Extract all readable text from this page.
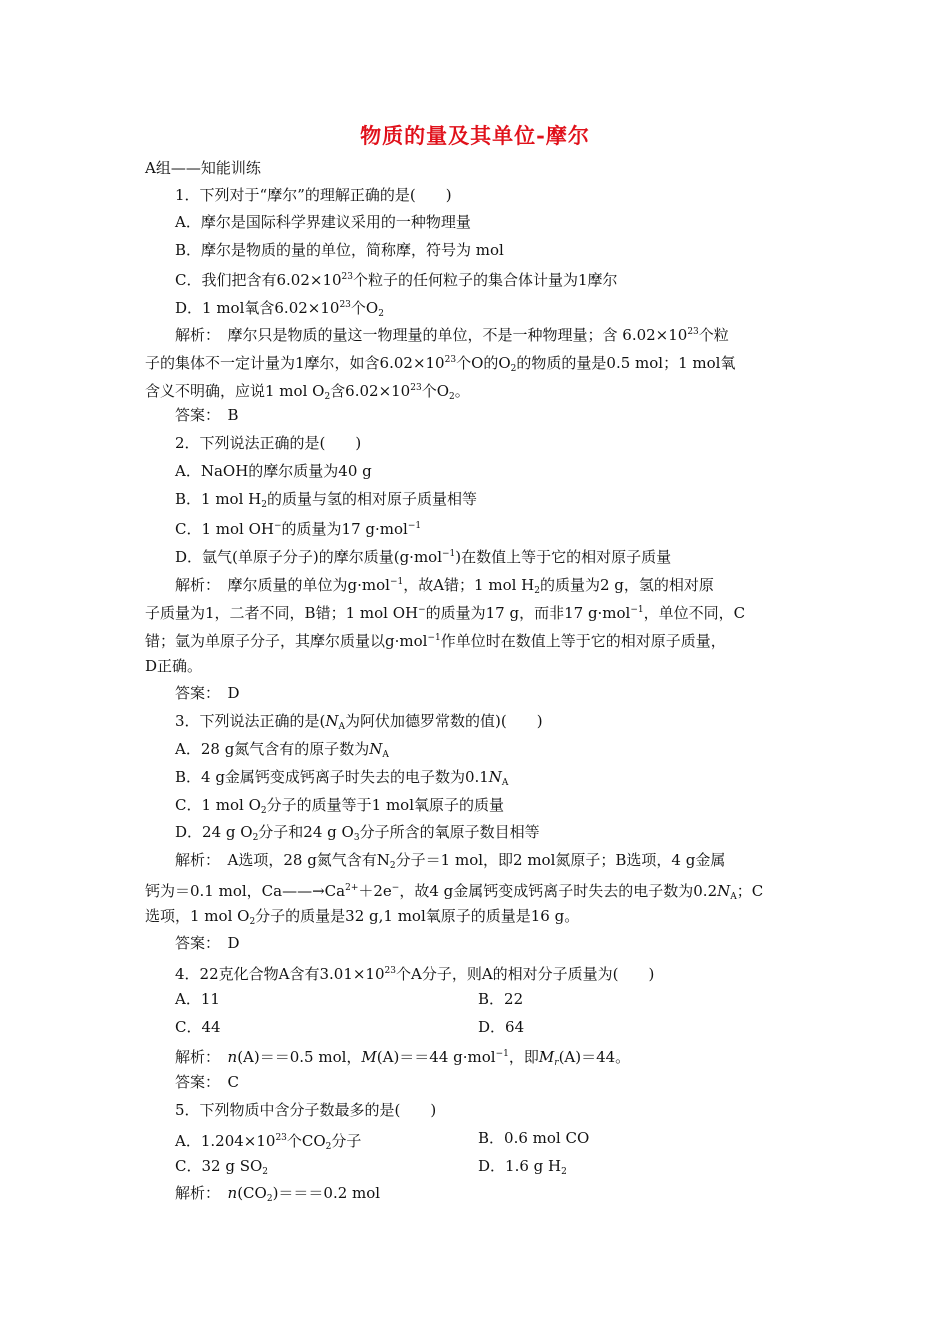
物质的量及其单位-摩尔
A组——知能训练
1．下列对于“摩尔”的理解正确的是(　　)
A．摩尔是国际科学界建议采用的一种物理量
B．摩尔是物质的量的单位，简称摩，符号为 mol
C．我们把含有$6.02\times 10^{23}$个粒子的任何粒子的集合体计量为1摩尔
D．1 mol氧含$6.02\times 10^{23}$个$O_2$
解析：　摩尔只是物质的量这一物理量的单位，不是一种物理量；含 $6.02\times 10^{23}$个粒
子的集体不一定计量为1摩尔，如含$6.02\times 10^{23}$个O的$O_2$的物质的量是0.5 mol；1 mol氧
含义不明确，应说1 mol $O_2$含$6.02\times 10^{23}$个$O_2$。
答案：　B
2．下列说法正确的是(　　)
A．NaOH的摩尔质量为40 g
B．1 mol $H_2$的质量与氢的相对原子质量相等
C．1 mol OH−的质量为17 g·mol$^{-1}$
D．氩气(单原子分子)的摩尔质量(g·mol$^{-1}$)在数值上等于它的相对原子质量
解析：　摩尔质量的单位为g·mol$^{-1}$，故A错；1 mol $H_2$的质量为2 g，氢的相对原
子质量为1，二者不同，B错；1 mol OH−的质量为17 g，而非17 g·mol$^{-1}$，单位不同，C
错；氩为单原子分子，其摩尔质量以g·mol$^{-1}$作单位时在数值上等于它的相对原子质量，
D正确。
答案：　D
3．下列说法正确的是($N_A$为阿伏加德罗常数的值)(　　)
A．28 g氮气含有的原子数为$N_A$
B．4 g金属钙变成钙离子时失去的电子数为$0.1N_A$
C．1 mol $O_2$分子的质量等于1 mol氧原子的质量
D．24 g $O_2$分子和24 g $O_3$分子所含的氧原子数目相等
解析：　A选项，28 g氮气含有$N_2$分子＝1 mol，即2 mol氮原子；B选项，4 g金属
钙为＝0.1 mol，$Ca——\to Ca^{2+}+2e^-$，故4 g金属钙变成钙离子时失去的电子数为$0.2N_A$；C
选项，1 mol $O_2$分子的质量是32 g,1 mol氧原子的质量是16 g。
答案：　D
4．22克化合物A含有$3.01\times 10^{23}$个A分子，则A的相对分子质量为(　　)
A．11	B．22
C．44	D．64
解析：　n(A)＝＝0.5 mol，M(A)＝＝44 g·mol$^{-1}$，即$M_r(A)=44$。
答案：　C
5．下列物质中含分子数最多的是(　　)
A．$1.204\times 10^{23}$个$CO_2$分子	B．0.6 mol CO
C．32 g $SO_2$	D．1.6 g $H_2$
解析：　$n(CO_2)===0.2$ mol
